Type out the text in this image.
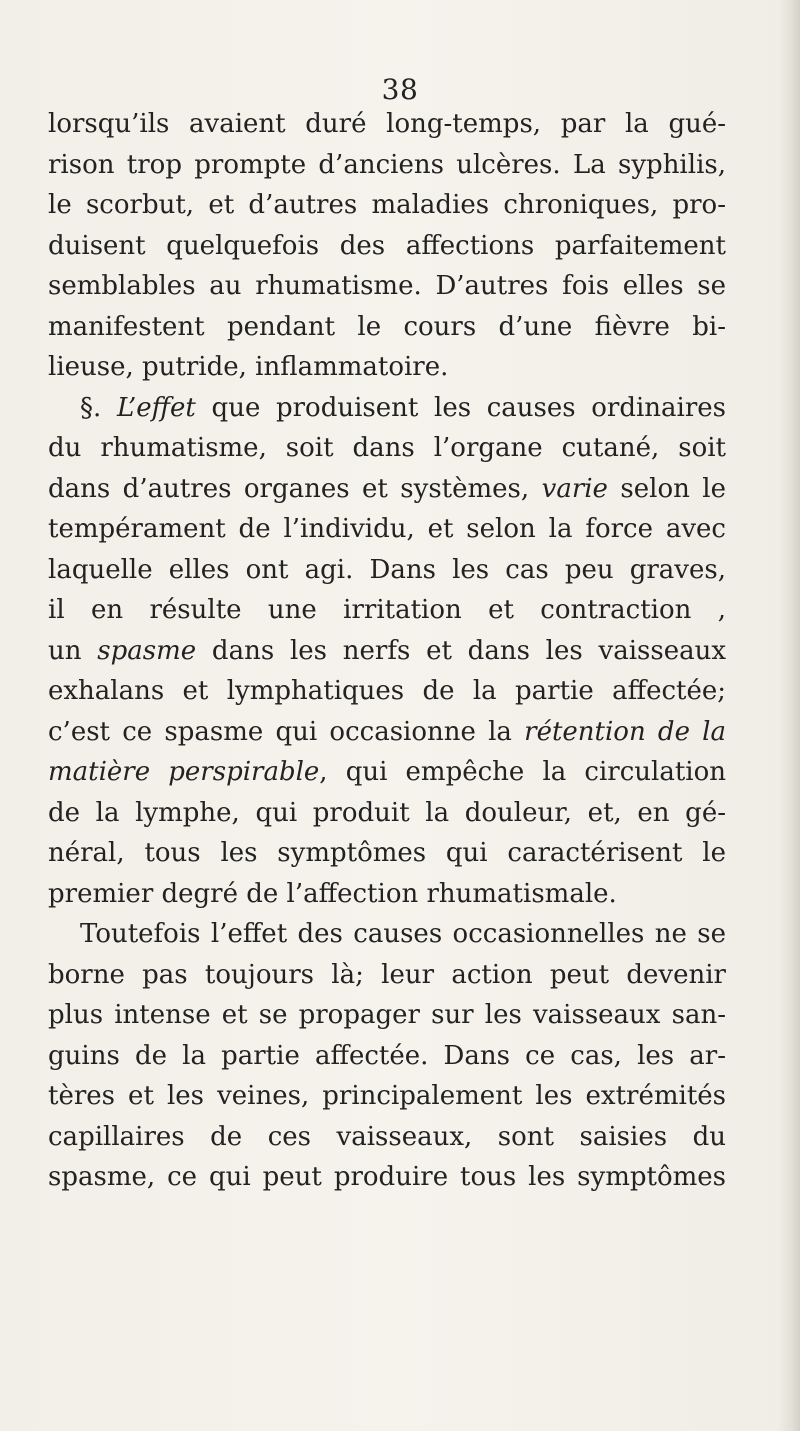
38
lorsqu’ils avaient duré long-temps, par la gué-
rison trop prompte d’anciens ulcères. La syphilis,
le scorbut, et d’autres maladies chroniques, pro-
duisent quelquefois des affections parfaitement
semblables au rhumatisme. D’autres fois elles se
manifestent pendant le cours d’une fièvre bi-
lieuse, putride, inflammatoire.
§. L’effet que produisent les causes ordinaires
du rhumatisme, soit dans l’organe cutané, soit
dans d’autres organes et systèmes, varie selon le
tempérament de l’individu, et selon la force avec
laquelle elles ont agi. Dans les cas peu graves,
il en résulte une irritation et contraction ,
un spasme dans les nerfs et dans les vaisseaux
exhalans et lymphatiques de la partie affectée;
c’est ce spasme qui occasionne la rétention de la
matière perspirable, qui empêche la circulation
de la lymphe, qui produit la douleur, et, en gé-
néral, tous les symptômes qui caractérisent le
premier degré de l’affection rhumatismale.
Toutefois l’effet des causes occasionnelles ne se
borne pas toujours là; leur action peut devenir
plus intense et se propager sur les vaisseaux san-
guins de la partie affectée. Dans ce cas, les ar-
tères et les veines, principalement les extrémités
capillaires de ces vaisseaux, sont saisies du
spasme, ce qui peut produire tous les symptômes
